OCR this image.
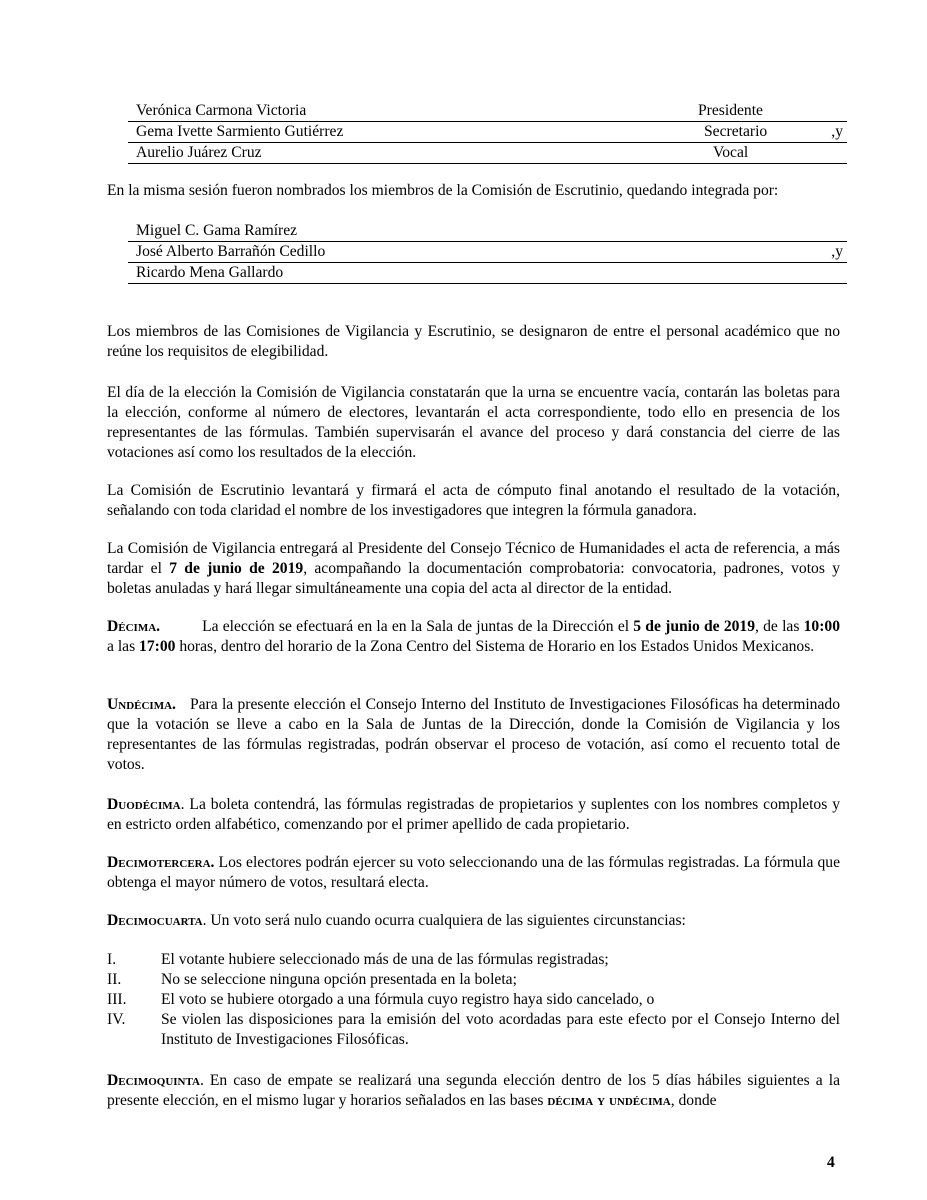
Verónica Carmona Victoria	Presidente
Gema Ivette Sarmiento Gutiérrez	Secretario	,y
Aurelio Juárez Cruz	Vocal
En la misma sesión fueron nombrados los miembros de la Comisión de Escrutinio, quedando integrada por:
Miguel C. Gama Ramírez
José Alberto Barrañón Cedillo	,y
Ricardo Mena Gallardo
Los miembros de las Comisiones de Vigilancia y Escrutinio, se designaron de entre el personal académico que no reúne los requisitos de elegibilidad.
El día de la elección la Comisión de Vigilancia constatarán que la urna se encuentre vacía, contarán las boletas para la elección, conforme al número de electores, levantarán el acta correspondiente, todo ello en presencia de los representantes de las fórmulas. También supervisarán el avance del proceso y dará constancia del cierre de las votaciones así como los resultados de la elección.
La Comisión de Escrutinio levantará y firmará el acta de cómputo final anotando el resultado de la votación, señalando con toda claridad el nombre de los investigadores que integren la fórmula ganadora.
La Comisión de Vigilancia entregará al Presidente del Consejo Técnico de Humanidades el acta de referencia, a más tardar el 7 de junio de 2019, acompañando la documentación comprobatoria: convocatoria, padrones, votos y boletas anuladas y hará llegar simultáneamente una copia del acta al director de la entidad.
Décima.	La elección se efectuará en la en la Sala de juntas de la Dirección el 5 de junio de 2019, de las 10:00 a las 17:00 horas, dentro del horario de la Zona Centro del Sistema de Horario en los Estados Unidos Mexicanos.
Undécima. Para la presente elección el Consejo Interno del Instituto de Investigaciones Filosóficas ha determinado que la votación se lleve a cabo en la Sala de Juntas de la Dirección, donde la Comisión de Vigilancia y los representantes de las fórmulas registradas, podrán observar el proceso de votación, así como el recuento total de votos.
Duodécima. La boleta contendrá, las fórmulas registradas de propietarios y suplentes con los nombres completos y en estricto orden alfabético, comenzando por el primer apellido de cada propietario.
Decimotercera. Los electores podrán ejercer su voto seleccionando una de las fórmulas registradas. La fórmula que obtenga el mayor número de votos, resultará electa.
Decimocuarta. Un voto será nulo cuando ocurra cualquiera de las siguientes circunstancias:
I.	El votante hubiere seleccionado más de una de las fórmulas registradas;
II.	No se seleccione ninguna opción presentada en la boleta;
III. El voto se hubiere otorgado a una fórmula cuyo registro haya sido cancelado, o
IV. Se violen las disposiciones para la emisión del voto acordadas para este efecto por el Consejo Interno del Instituto de Investigaciones Filosóficas.
Decimoquinta. En caso de empate se realizará una segunda elección dentro de los 5 días hábiles siguientes a la presente elección, en el mismo lugar y horarios señalados en las bases décima y undécima, donde
4
